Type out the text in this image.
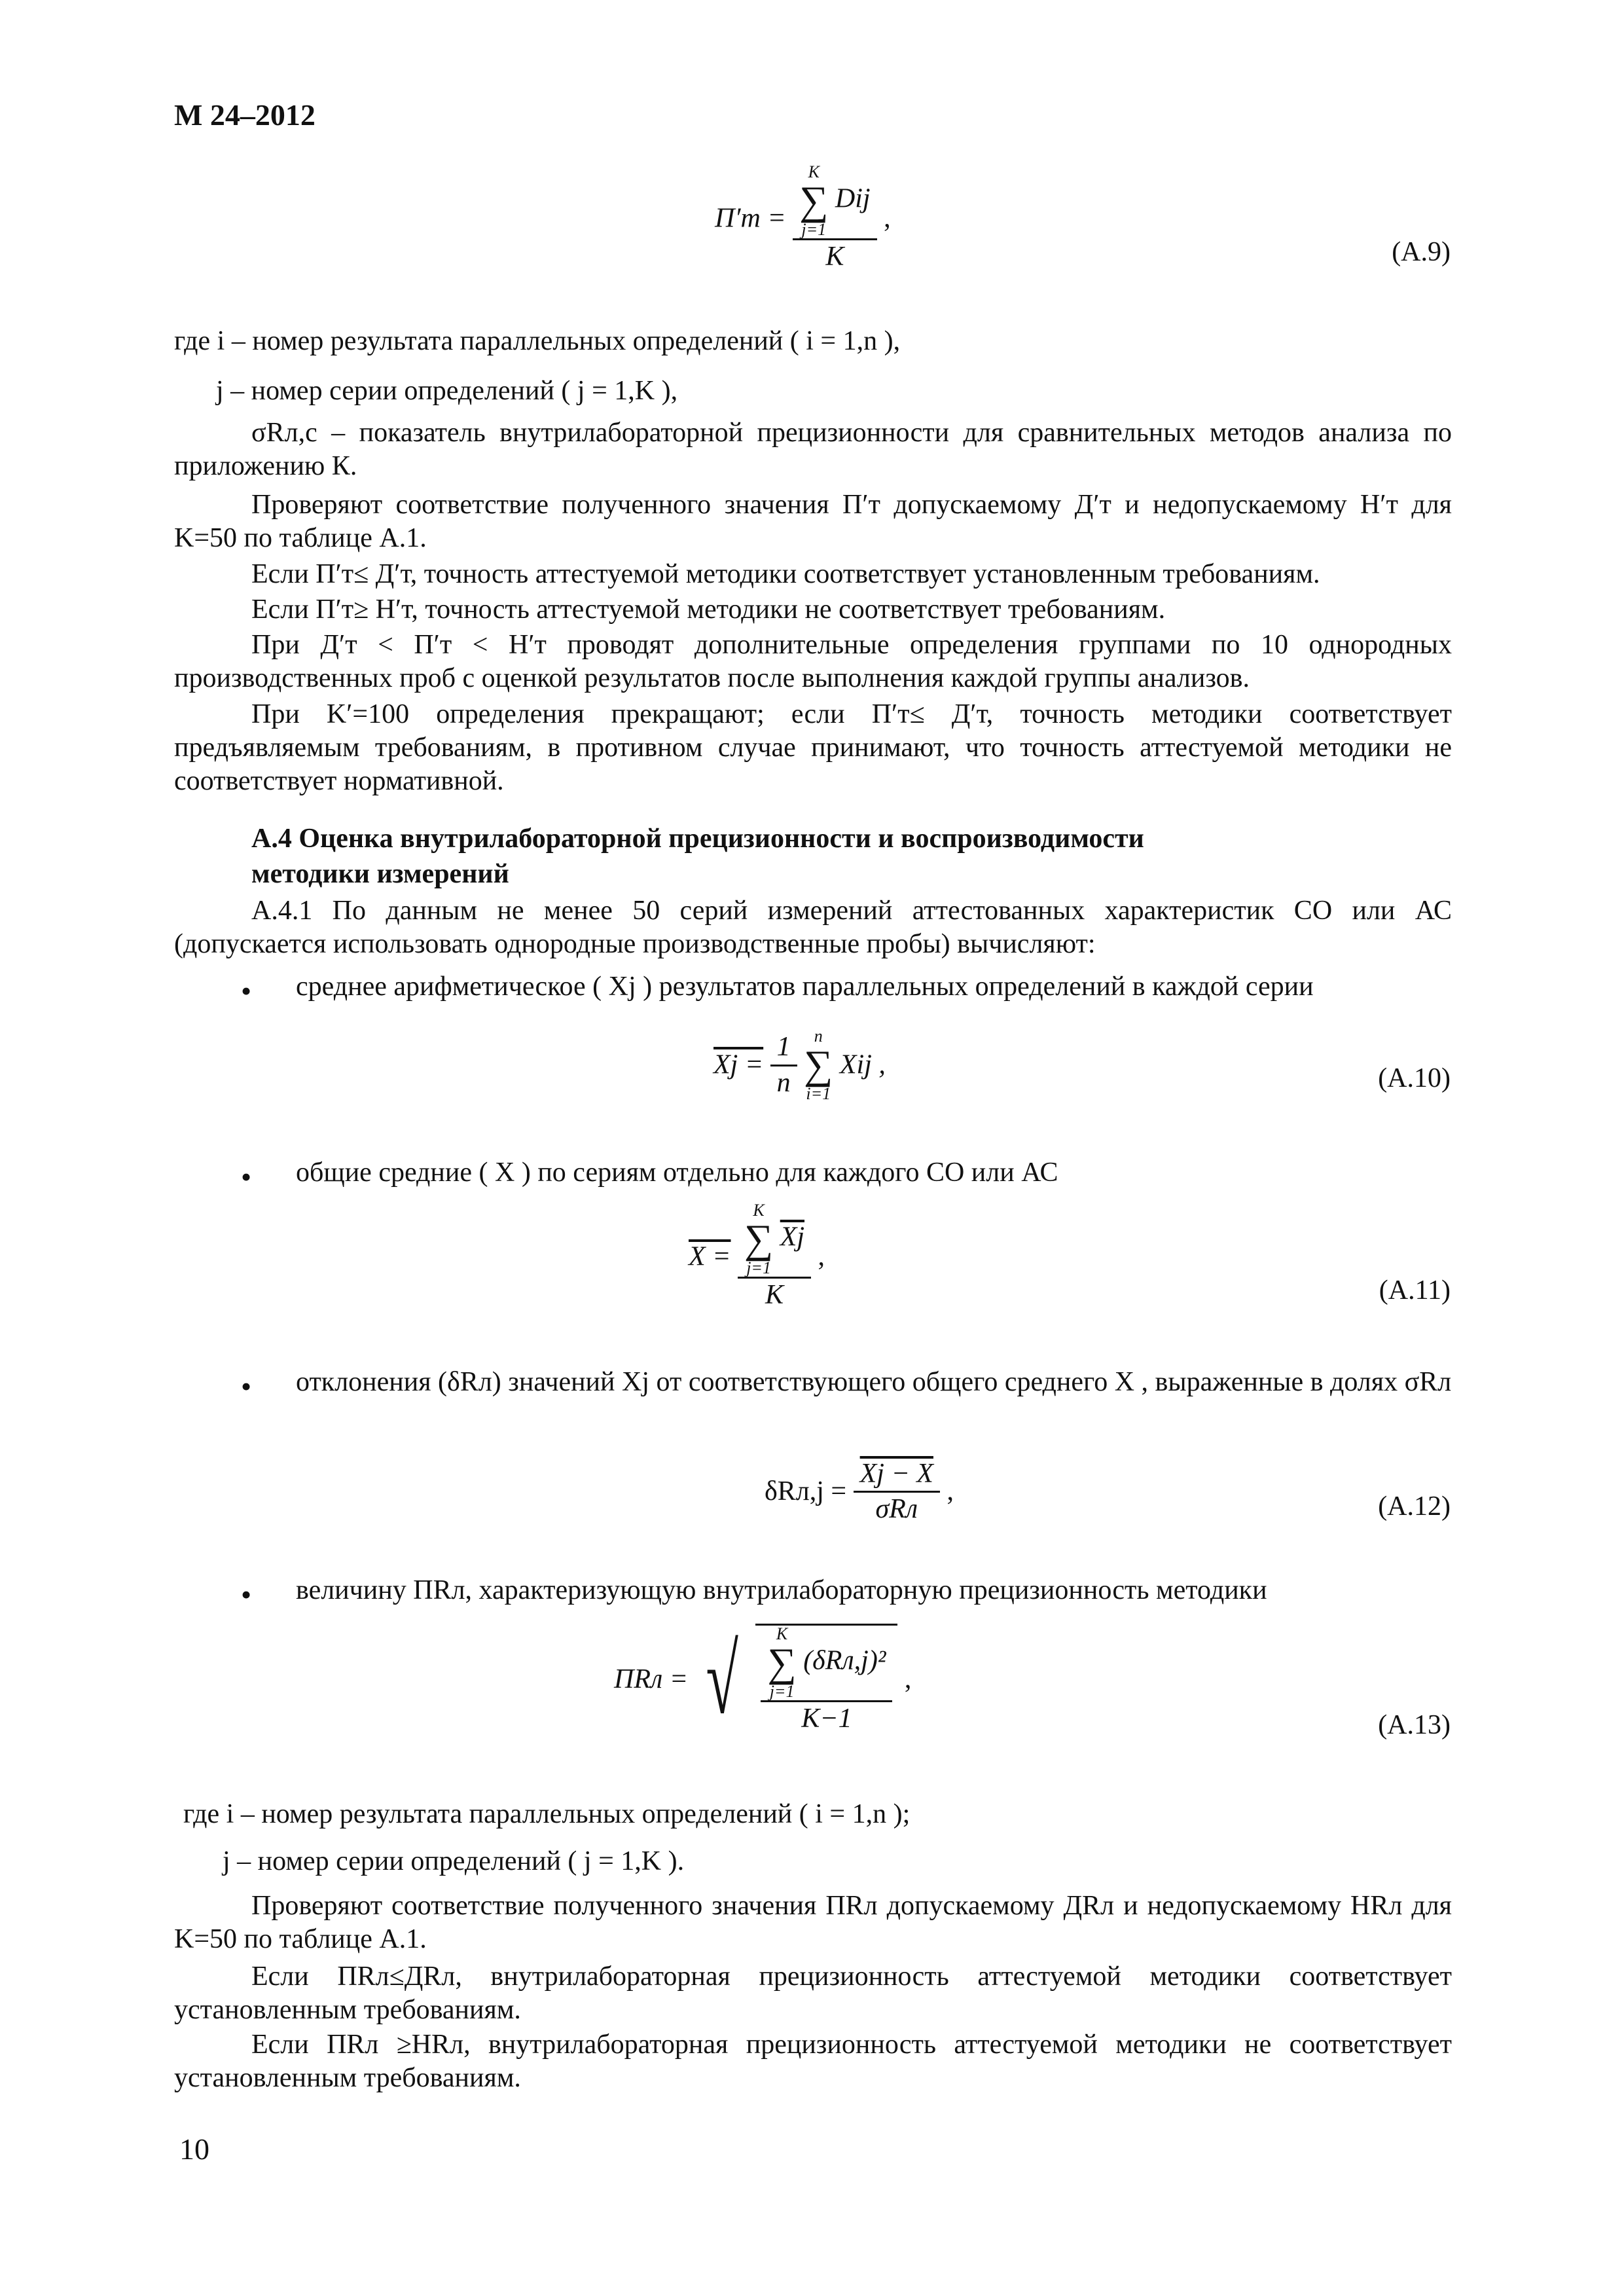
М 24–2012
П′т = K
∑
j=1
Dij
K ,
(А.9)
где i – номер результата параллельных определений ( i = 1,n ),
j – номер серии определений ( j = 1,K ),
σRл,с – показатель внутрилабораторной прецизионности для сравнительных методов анализа по приложению К.
Проверяют соответствие полученного значения П′т допускаемому Д′т и недопускаемому Н′т для K=50 по таблице А.1.
Если П′т≤ Д′т, точность аттестуемой методики соответствует установленным требованиям.
Если П′т≥ Н′т, точность аттестуемой методики не соответствует требованиям.
При Д′т < П′т < Н′т проводят дополнительные определения группами по 10 однородных производственных проб с оценкой результатов после выполнения каждой группы анализов.
При K′=100 определения прекращают; если П′т≤ Д′т, точность методики соответствует предъявляемым требованиям, в противном случае принимают, что точность аттестуемой методики не соответствует нормативной.
А.4 Оценка внутрилабораторной прецизионности и воспроизводимости
методики измерений
А.4.1 По данным не менее 50 серий измерений аттестованных характеристик СО или АС (допускается использовать однородные производственные пробы) вычисляют:
•	среднее арифметическое ( Xj ) результатов параллельных определений в каждой серии
$Xj = \frac{1}{n}$
	n
∑
i=1
Xij ,	(А.10)
•	общие средние ( X ) по сериям отдельно для каждого СО или АС
X = K
∑
j=1
$\overline{Xj}$
K ,
(А.11)
•	отклонения (δRл) значений Xj от соответствующего общего среднего X , выраженные в долях σRл
$\delta Rл,j = \frac{Xj - X}{\text{σRл}}$ ,	(А.12)
•	величину ПRл, характеризующую внутрилабораторную прецизионность методики
ПRл = √	K
∑
j=1
(δRл,j)²
K−1
,
(А.13)
где i – номер результата параллельных определений ( i = 1,n );
j – номер серии определений ( j = 1,K ).
Проверяют соответствие полученного значения ПRл допускаемому ДRл и недопускаемому НRл для K=50 по таблице А.1.
Если ПRл≤ДRл, внутрилабораторная прецизионность аттестуемой методики соответствует установленным требованиям.
Если ПRл ≥НRл, внутрилабораторная прецизионность аттестуемой методики не соответствует установленным требованиям.
10
